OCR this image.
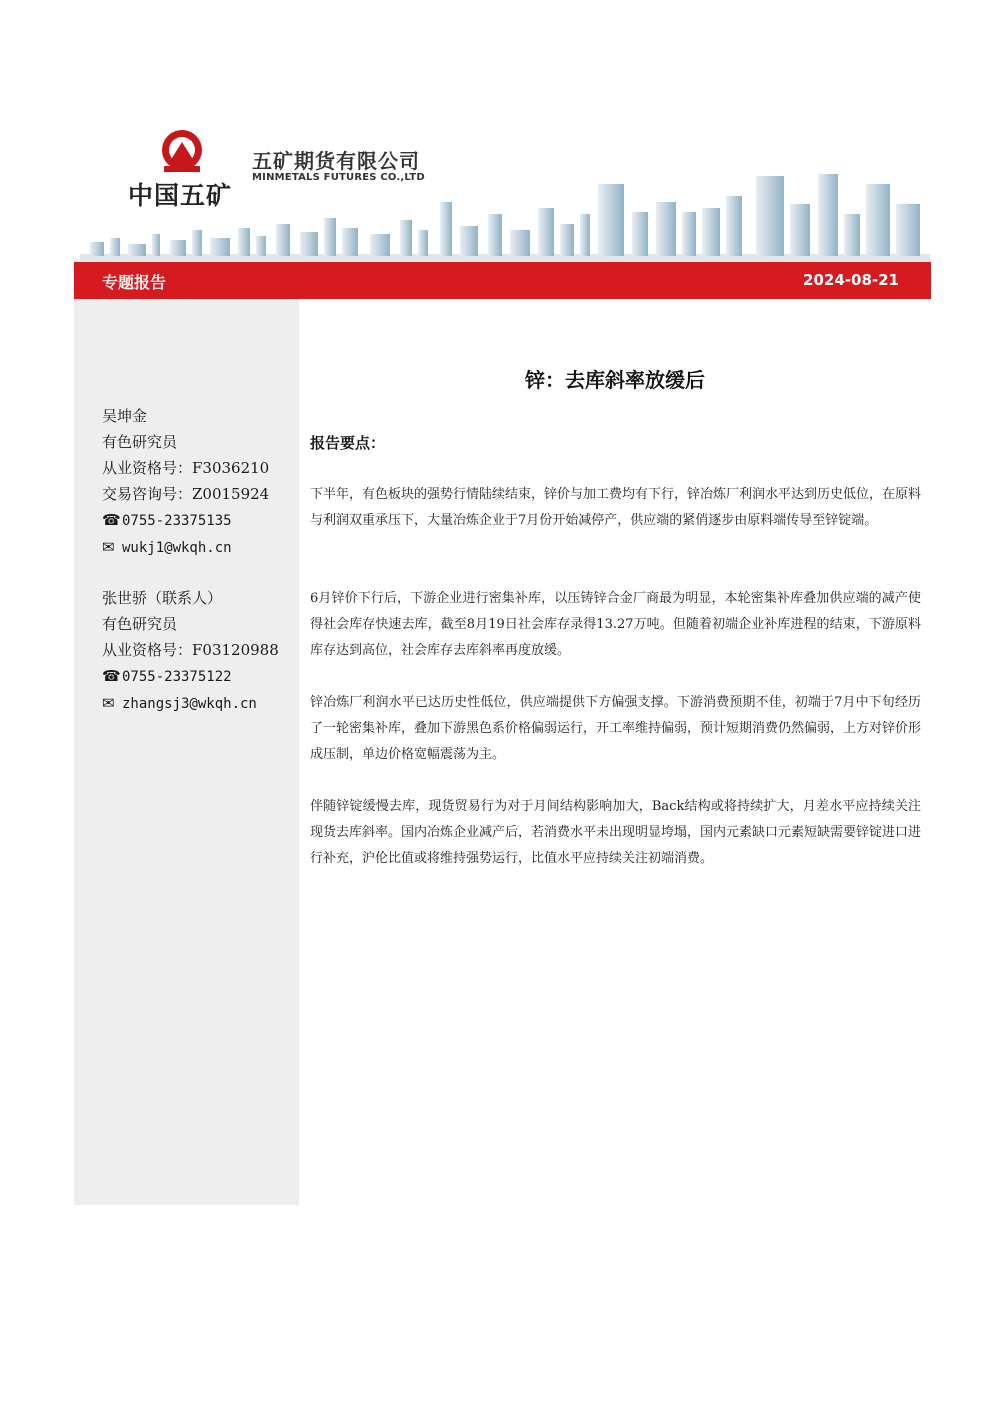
中国五矿
五矿期货有限公司
MINMETALS FUTURES CO.,LTD
专题报告	2024-08-21
吴坤金
有色研究员
从业资格号：F3036210
交易咨询号：Z0015924
☎0755-23375135
✉ wukj1@wkqh.cn
张世骄（联系人）
有色研究员
从业资格号：F03120988
☎0755-23375122
✉ zhangsj3@wkqh.cn
锌：去库斜率放缓后
报告要点：

下半年，有色板块的强势行情陆续结束，锌价与加工费均有下行，锌冶炼厂利润水平达到历史低位，在原料与利润双重承压下，大量冶炼企业于7月份开始减停产，供应端的紧俏逐步由原料端传导至锌锭端。

6月锌价下行后，下游企业进行密集补库，以压铸锌合金厂商最为明显，本轮密集补库叠加供应端的减产使得社会库存快速去库，截至8月19日社会库存录得13.27万吨。但随着初端企业补库进程的结束，下游原料库存达到高位，社会库存去库斜率再度放缓。

锌冶炼厂利润水平已达历史性低位，供应端提供下方偏强支撑。下游消费预期不佳，初端于7月中下旬经历了一轮密集补库，叠加下游黑色系价格偏弱运行，开工率维持偏弱，预计短期消费仍然偏弱，上方对锌价形成压制，单边价格宽幅震荡为主。

伴随锌锭缓慢去库，现货贸易行为对于月间结构影响加大，Back结构或将持续扩大，月差水平应持续关注现货去库斜率。国内冶炼企业减产后，若消费水平未出现明显垮塌，国内元素缺口元素短缺需要锌锭进口进行补充，沪伦比值或将维持强势运行，比值水平应持续关注初端消费。
